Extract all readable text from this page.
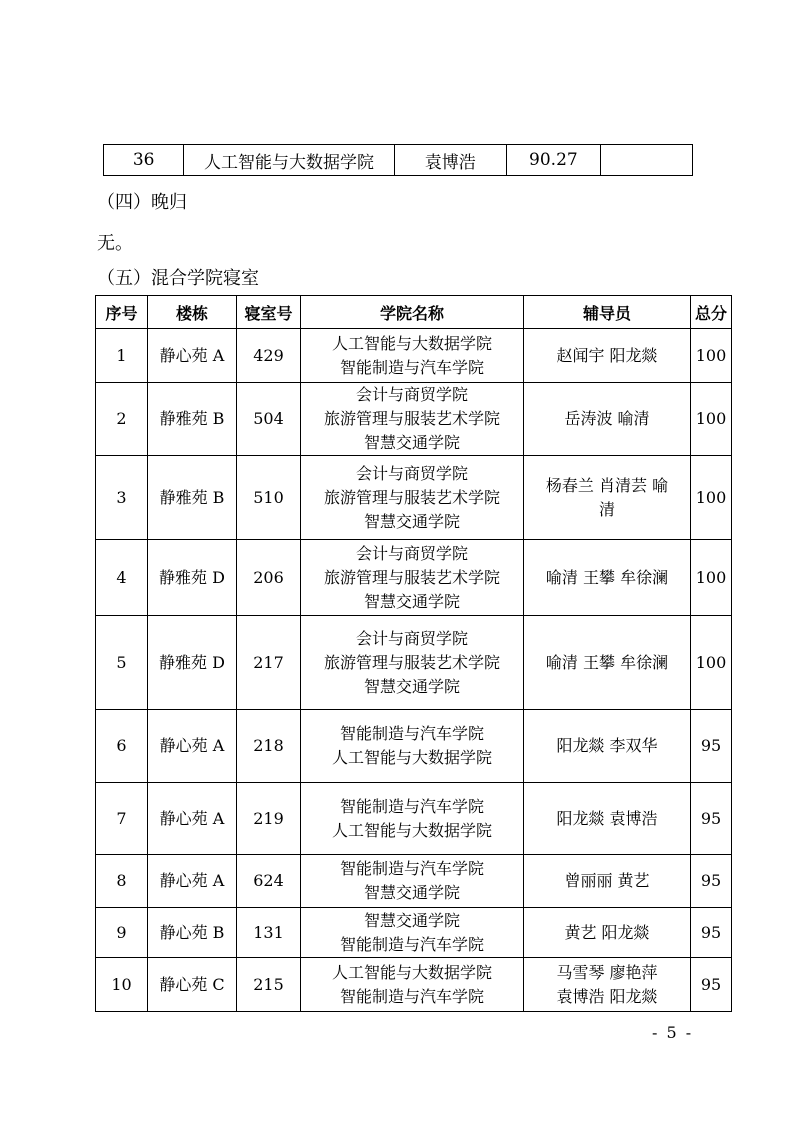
36	人工智能与大数据学院	袁博浩	90.27	
（四）晚归
无。
（五）混合学院寝室
序号	楼栋	寝室号	学院名称	辅导员	总分
1	静心苑 A	429	人工智能与大数据学院
智能制造与汽车学院	赵闻宇 阳龙燚	100
2	静雅苑 B	504	会计与商贸学院
旅游管理与服装艺术学院
智慧交通学院	岳涛波 喻清	100
3	静雅苑 B	510	会计与商贸学院
旅游管理与服装艺术学院
智慧交通学院	杨春兰 肖清芸 喻
清	100
4	静雅苑 D	206	会计与商贸学院
旅游管理与服装艺术学院
智慧交通学院	喻清 王攀 牟徐澜	100
5	静雅苑 D	217	会计与商贸学院
旅游管理与服装艺术学院
智慧交通学院	喻清 王攀 牟徐澜	100
6	静心苑 A	218	智能制造与汽车学院
人工智能与大数据学院	阳龙燚 李双华	95
7	静心苑 A	219	智能制造与汽车学院
人工智能与大数据学院	阳龙燚 袁博浩	95
8	静心苑 A	624	智能制造与汽车学院
智慧交通学院	曾丽丽 黄艺	95
9	静心苑 B	131	智慧交通学院
智能制造与汽车学院	黄艺 阳龙燚	95
10	静心苑 C	215	人工智能与大数据学院
智能制造与汽车学院	马雪琴 廖艳萍
袁博浩 阳龙燚	95
- 5 -
